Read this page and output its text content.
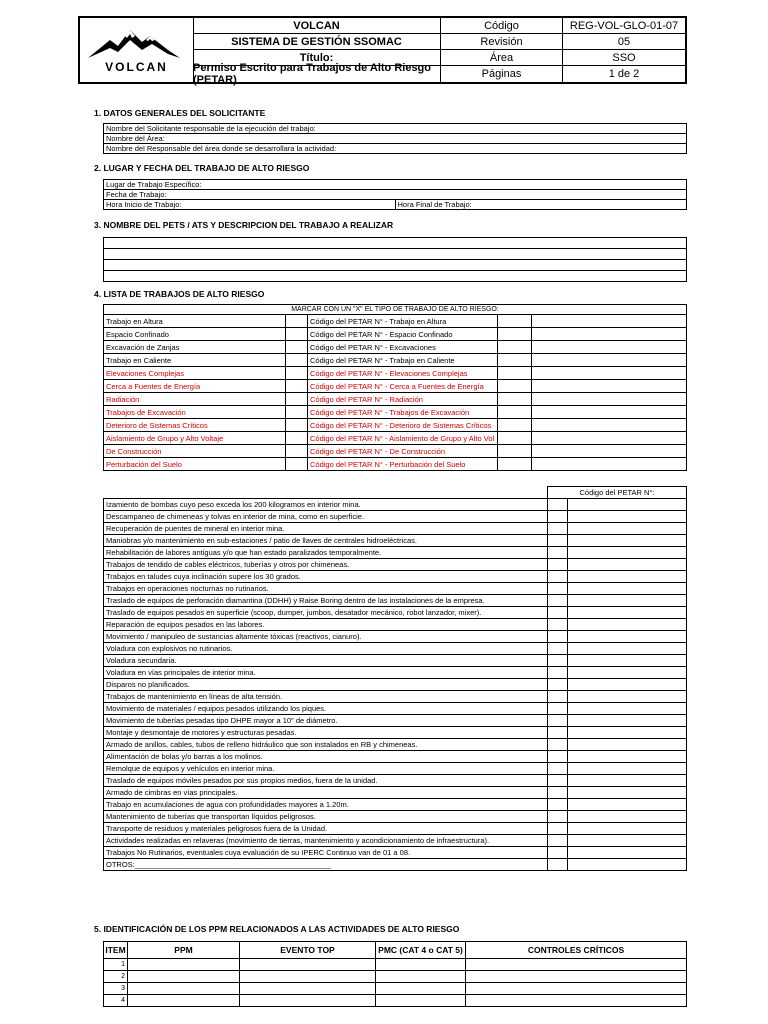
VOLCAN
VOLCAN	Código	REG-VOL-GLO-01-07
SISTEMA DE GESTIÓN SSOMAC	Revisión	05
Título:	Área	SSO
Permiso Escrito para Trabajos de Alto Riesgo (PETAR)	Páginas	1 de 2
1. DATOS GENERALES DEL SOLICITANTE
Nombre del Solicitante responsable de la ejecución del trabajo:
Nombre del Área:
Nombre del Responsable del área donde se desarrollara la actividad:
2. LUGAR Y FECHA DEL TRABAJO DE ALTO RIESGO
Lugar de Trabajo Específico:
Fecha de Trabajo:
Hora Inicio de Trabajo:	Hora Final de Trabajo:
3. NOMBRE DEL PETS / ATS Y DESCRIPCION DEL TRABAJO A REALIZAR

4. LISTA DE TRABAJOS DE ALTO RIESGO
MARCAR CON UN "X" EL TIPO DE TRABAJO DE ALTO RIESGO:				
Trabajo en Altura		Código del PETAR N° - Trabajo en Altura		
Espacio Confinado		Código del PETAR N° - Espacio Confinado		
Excavación de Zanjas		Código del PETAR N° - Excavaciones		
Trabajo en Caliente		Código del PETAR N° - Trabajo en Caliente		
Elevaciones Complejas		Código del PETAR N° - Elevaciones Complejas		
Cerca a Fuentes de Energía		Código del PETAR N° - Cerca a Fuentes de Energía		
Radiación		Código del PETAR N° - Radiación		
Trabajos de Excavación		Código del PETAR N° - Trabajos de Excavación		
Deterioro de Sistemas Críticos		Código del PETAR N° - Deterioro de Sistemas Críticos		
Aislamiento de Grupo y Alto Voltaje		Código del PETAR N° - Aislamiento de Grupo y Alto Vol		
De Construcción		Código del PETAR N° - De Construcción		
Perturbación del Suelo		Código del PETAR N° - Perturbación del Suelo		
	Código del PETAR N°:	
Izamiento de bombas cuyo peso exceda los 200 kilogramos en interior mina.		
Descampaneo de chimeneas y tolvas en interior de mina, como en superficie.		
Recuperación de puentes de mineral en interior mina.		
Maniobras y/o mantenimiento en sub-estaciones / patio de llaves de centrales hidroeléctricas.		
Rehabilitación de labores antiguas y/o que han estado paralizados temporalmente.		
Trabajos de tendido de cables eléctricos, tuberías y otros por chimeneas.		
Trabajos en taludes cuya inclinación supere los 30 grados.		
Trabajos en operaciones nocturnas no rutinarios.		
Traslado de equipos de perforación diamantina (DDHH) y Raise Boring dentro de las instalaciones de la empresa.		
Traslado de equipos pesados en superficie (scoop, dumper, jumbos, desatador mecánico, robot lanzador, mixer).		
Reparación de equipos pesados en las labores.		
Movimiento / manipuleo de sustancias altamente tóxicas (reactivos, cianuro).		
Voladura con explosivos no rutinarios.		
Voladura secundaria.		
Voladura en vías principales de interior mina.		
Disparos no planificados.		
Trabajos de mantenimiento en líneas de alta tensión.		
Movimiento de materiales / equipos pesados utilizando los piques.		
Movimiento de tuberías pesadas tipo DHPE mayor a 10" de diámetro.		
Montaje y desmontaje de motores y estructuras pesadas.		
Armado de anillos, cables, tubos de relleno hidráulico que son instalados en RB y chimeneas.		
Alimentación de bolas y/o barras a los molinos.		
Remolque de equipos y vehículos en interior mina.		
Traslado de equipos móviles pesados por sus propios medios, fuera de la unidad.		
Armado de cimbras en vías principales.		
Trabajo en acumulaciones de agua con profundidades mayores a 1.20m.		
Mantenimiento de tuberías que transportan líquidos peligrosos.		
Transporte de residuos y materiales peligrosos fuera de la Unidad.		
Actividades realizadas en relaveras (movimiento de tierras, mantenimiento y acondicionamiento de infraestructura).		
Trabajos No Rutinarios, eventuales cuya evaluación de su IPERC Continuo van de 01 a 08.		
OTROS:_______________________________________________		
5. IDENTIFICACIÓN DE LOS PPM RELACIONADOS A LAS ACTIVIDADES DE ALTO RIESGO
ITEM	PPM	EVENTO TOP	PMC (CAT 4 o CAT 5)	CONTROLES CRÍTICOS
1				
2				
3				
4				
